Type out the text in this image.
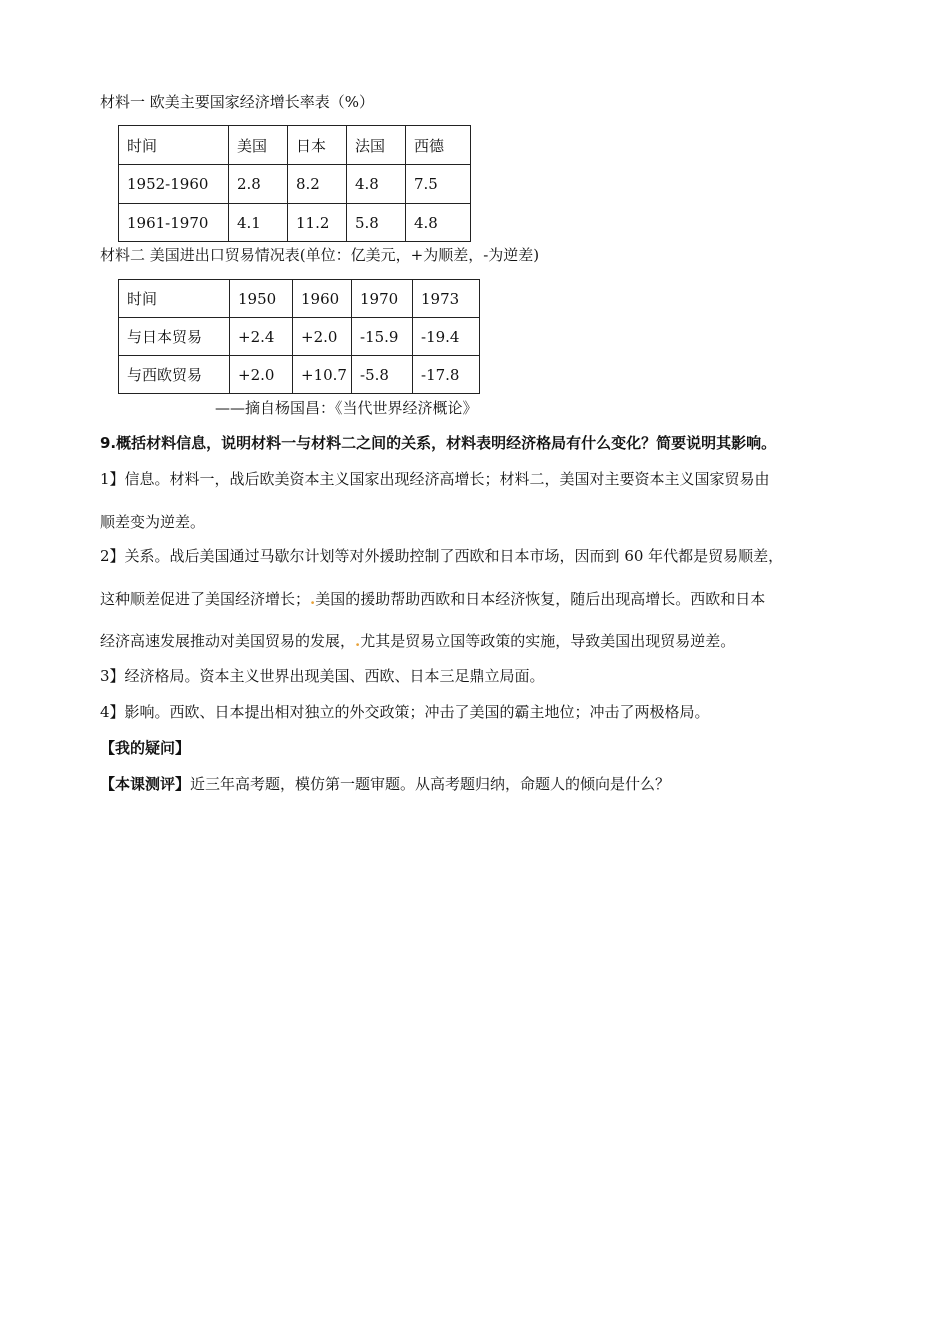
材料一 欧美主要国家经济增长率表（%）
时间	美国	日本	法国	西德
1952-1960	2.8	8.2	4.8	7.5
1961-1970	4.1	11.2	5.8	4.8
材料二 美国进出口贸易情况表(单位：亿美元，+为顺差，-为逆差)
时间	1950	1960	1970	1973
与日本贸易	+2.4	+2.0	-15.9	-19.4
与西欧贸易	+2.0	+10.7	-5.8	-17.8
——摘自杨国昌：《当代世界经济概论》
9.概括材料信息，说明材料一与材料二之间的关系，材料表明经济格局有什么变化？简要说明其影响。
1】信息。材料一，战后欧美资本主义国家出现经济高增长；材料二，美国对主要资本主义国家贸易由
顺差变为逆差。
2】关系。战后美国通过马歇尔计划等对外援助控制了西欧和日本市场，因而到 60 年代都是贸易顺差，
这种顺差促进了美国经济增长；.美国的援助帮助西欧和日本经济恢复，随后出现高增长。西欧和日本
经济高速发展推动对美国贸易的发展，.尤其是贸易立国等政策的实施，导致美国出现贸易逆差。
3】经济格局。资本主义世界出现美国、西欧、日本三足鼎立局面。
4】影响。西欧、日本提出相对独立的外交政策；冲击了美国的霸主地位；冲击了两极格局。
【我的疑问】
【本课测评】近三年高考题，模仿第一题审题。从高考题归纳，命题人的倾向是什么？
